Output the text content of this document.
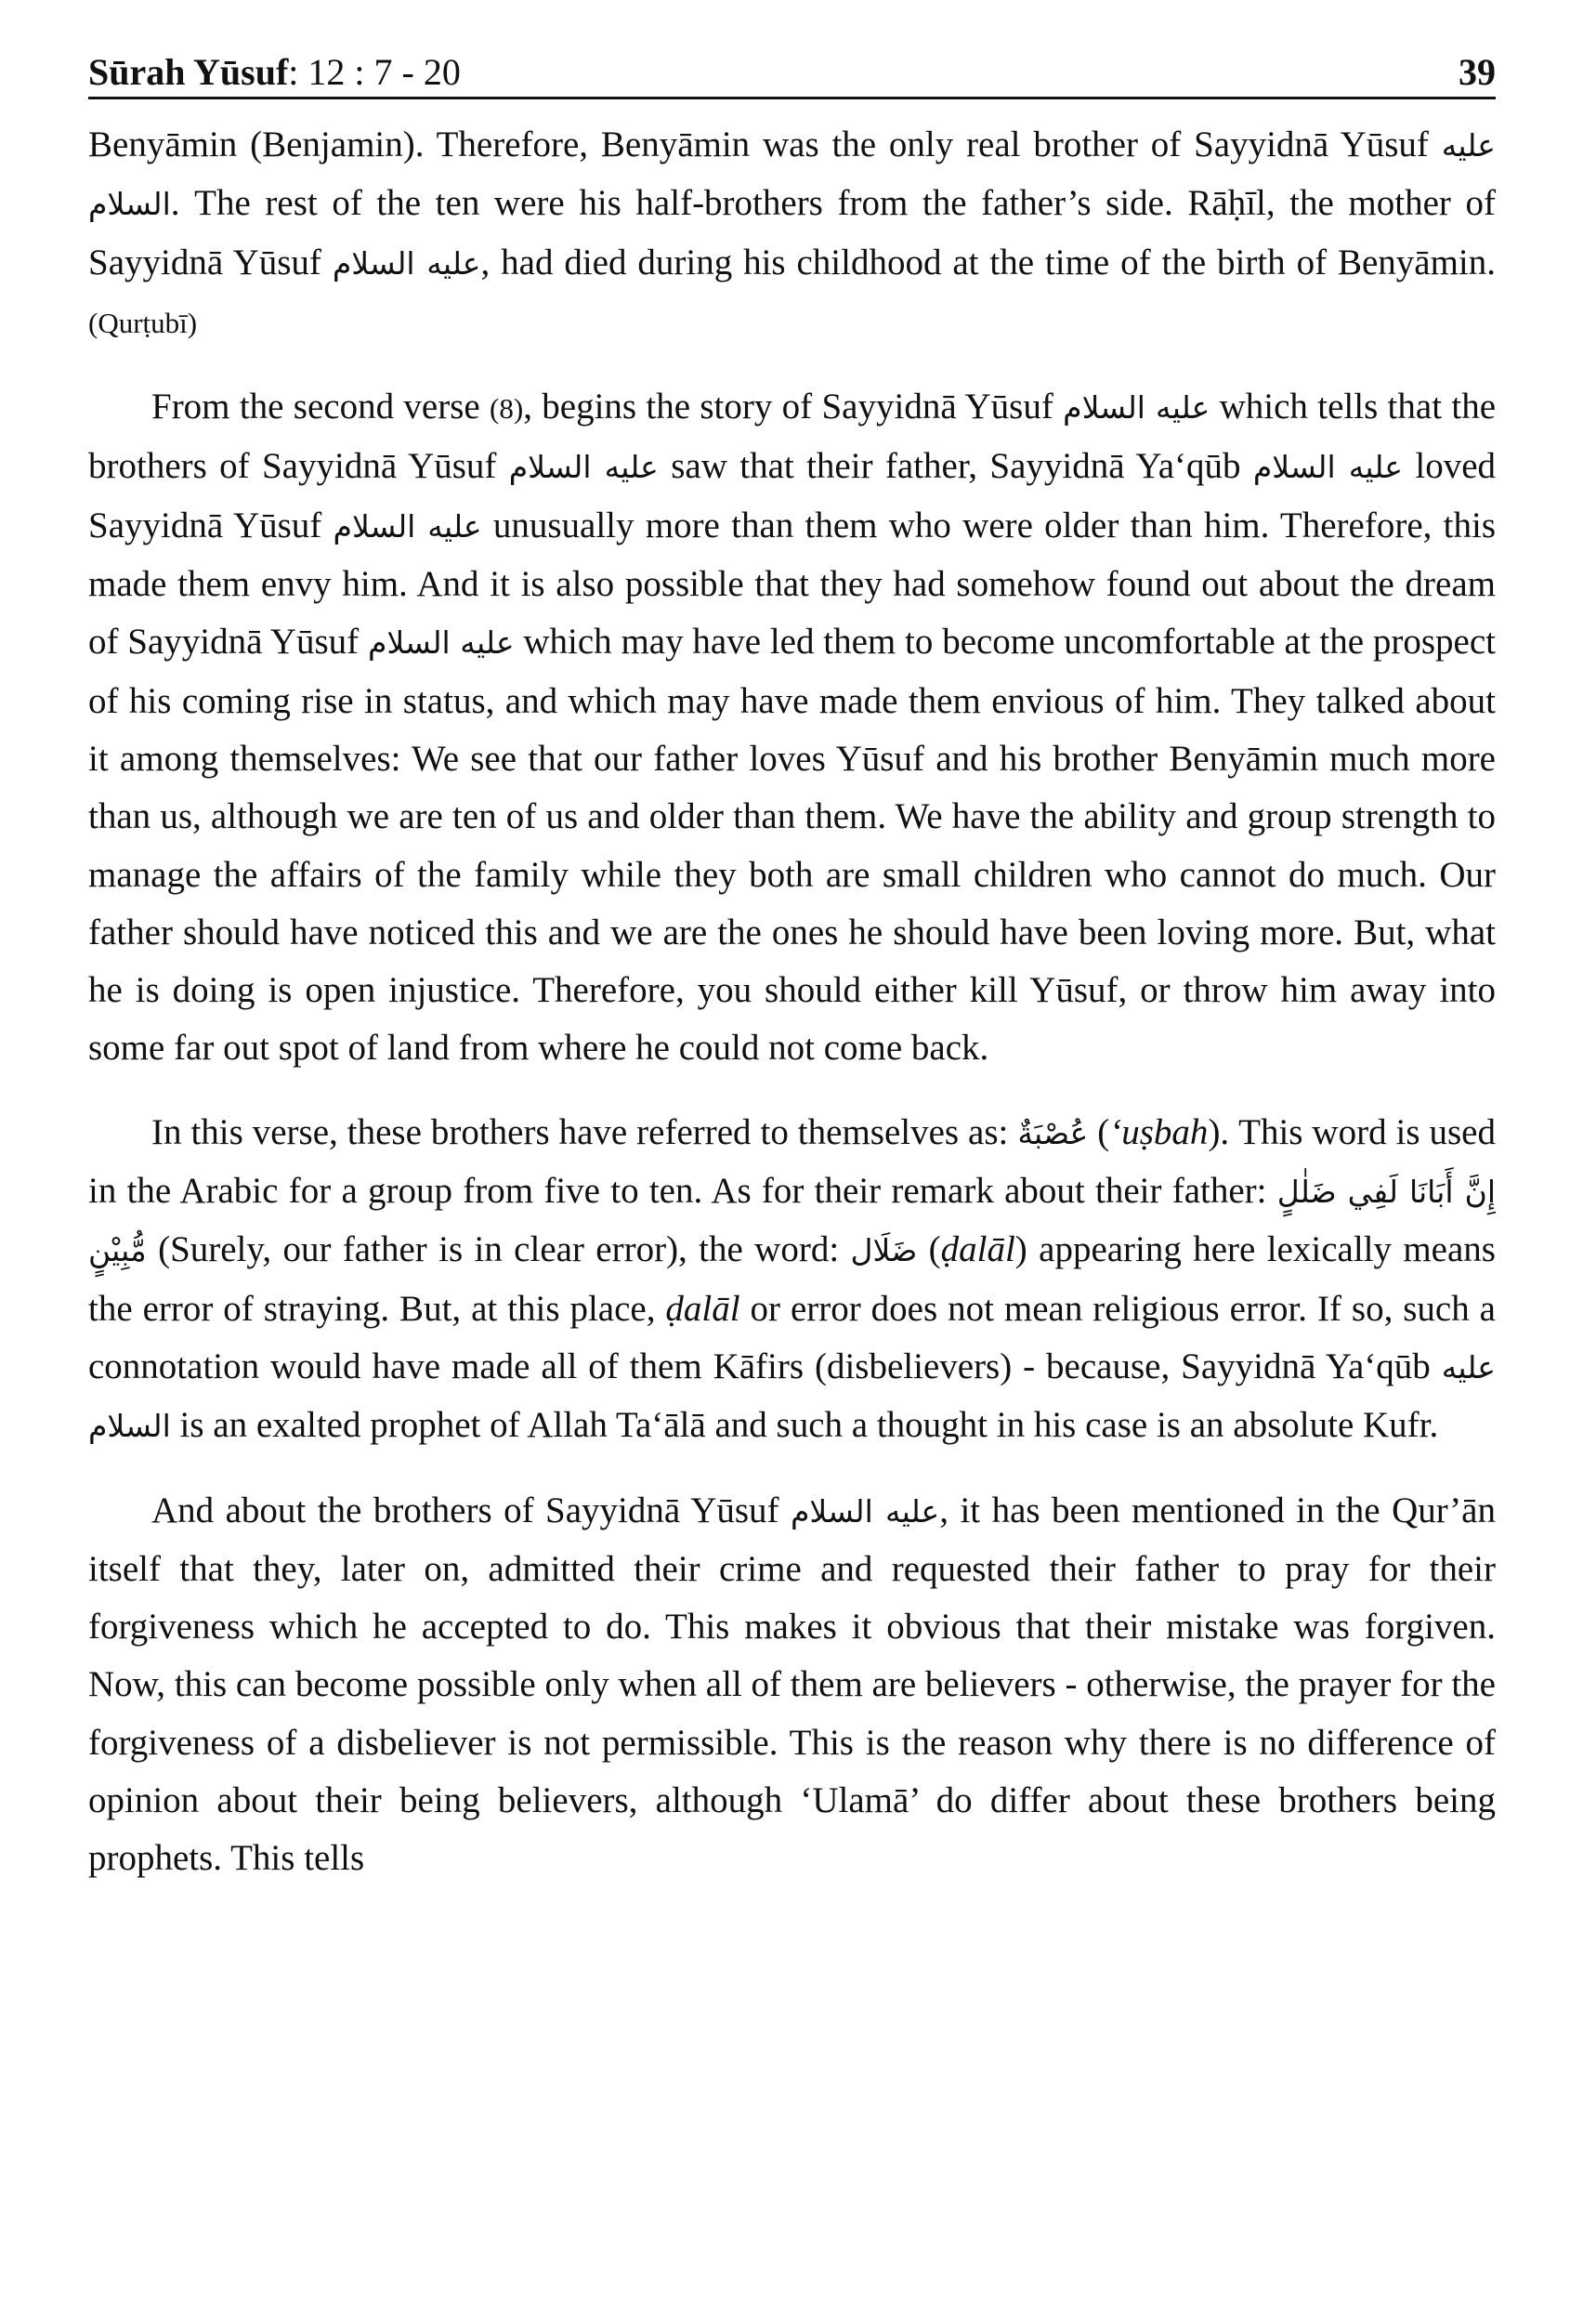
Sūrah Yūsuf: 12 : 7 - 20	39

Benyāmin (Benjamin). Therefore, Benyāmin was the only real brother of Sayyidnā Yūsuf عليه السلام. The rest of the ten were his half-brothers from the father’s side. Rāḥīl, the mother of Sayyidnā Yūsuf عليه السلام, had died during his childhood at the time of the birth of Benyāmin. (Qurṭubī)

From the second verse (8), begins the story of Sayyidnā Yūsuf عليه السلام which tells that the brothers of Sayyidnā Yūsuf عليه السلام saw that their father, Sayyidnā Ya‘qūb عليه السلام loved Sayyidnā Yūsuf عليه السلام unusually more than them who were older than him. Therefore, this made them envy him. And it is also possible that they had somehow found out about the dream of Sayyidnā Yūsuf عليه السلام which may have led them to become uncomfortable at the prospect of his coming rise in status, and which may have made them envious of him. They talked about it among themselves: We see that our father loves Yūsuf and his brother Benyāmin much more than us, although we are ten of us and older than them. We have the ability and group strength to manage the affairs of the family while they both are small children who cannot do much. Our father should have noticed this and we are the ones he should have been loving more. But, what he is doing is open injustice. Therefore, you should either kill Yūsuf, or throw him away into some far out spot of land from where he could not come back.

In this verse, these brothers have referred to themselves as: عُصْبَةٌ (‘uṣbah). This word is used in the Arabic for a group from five to ten. As for their remark about their father: إِنَّ أَبَانَا لَفِي ضَلٰلٍ مُّبِيْنٍ (Surely, our father is in clear error), the word: ضَلَال (ḍalāl) appearing here lexically means the error of straying. But, at this place, ḍalāl or error does not mean religious error. If so, such a connotation would have made all of them Kāfirs (disbelievers) - because, Sayyidnā Ya‘qūb عليه السلام is an exalted prophet of Allah Ta‘ālā and such a thought in his case is an absolute Kufr.

And about the brothers of Sayyidnā Yūsuf عليه السلام, it has been mentioned in the Qur’ān itself that they, later on, admitted their crime and requested their father to pray for their forgiveness which he accepted to do. This makes it obvious that their mistake was forgiven. Now, this can become possible only when all of them are believers - otherwise, the prayer for the forgiveness of a disbeliever is not permissible. This is the reason why there is no difference of opinion about their being believers, although ‘Ulamā’ do differ about these brothers being prophets. This tells
